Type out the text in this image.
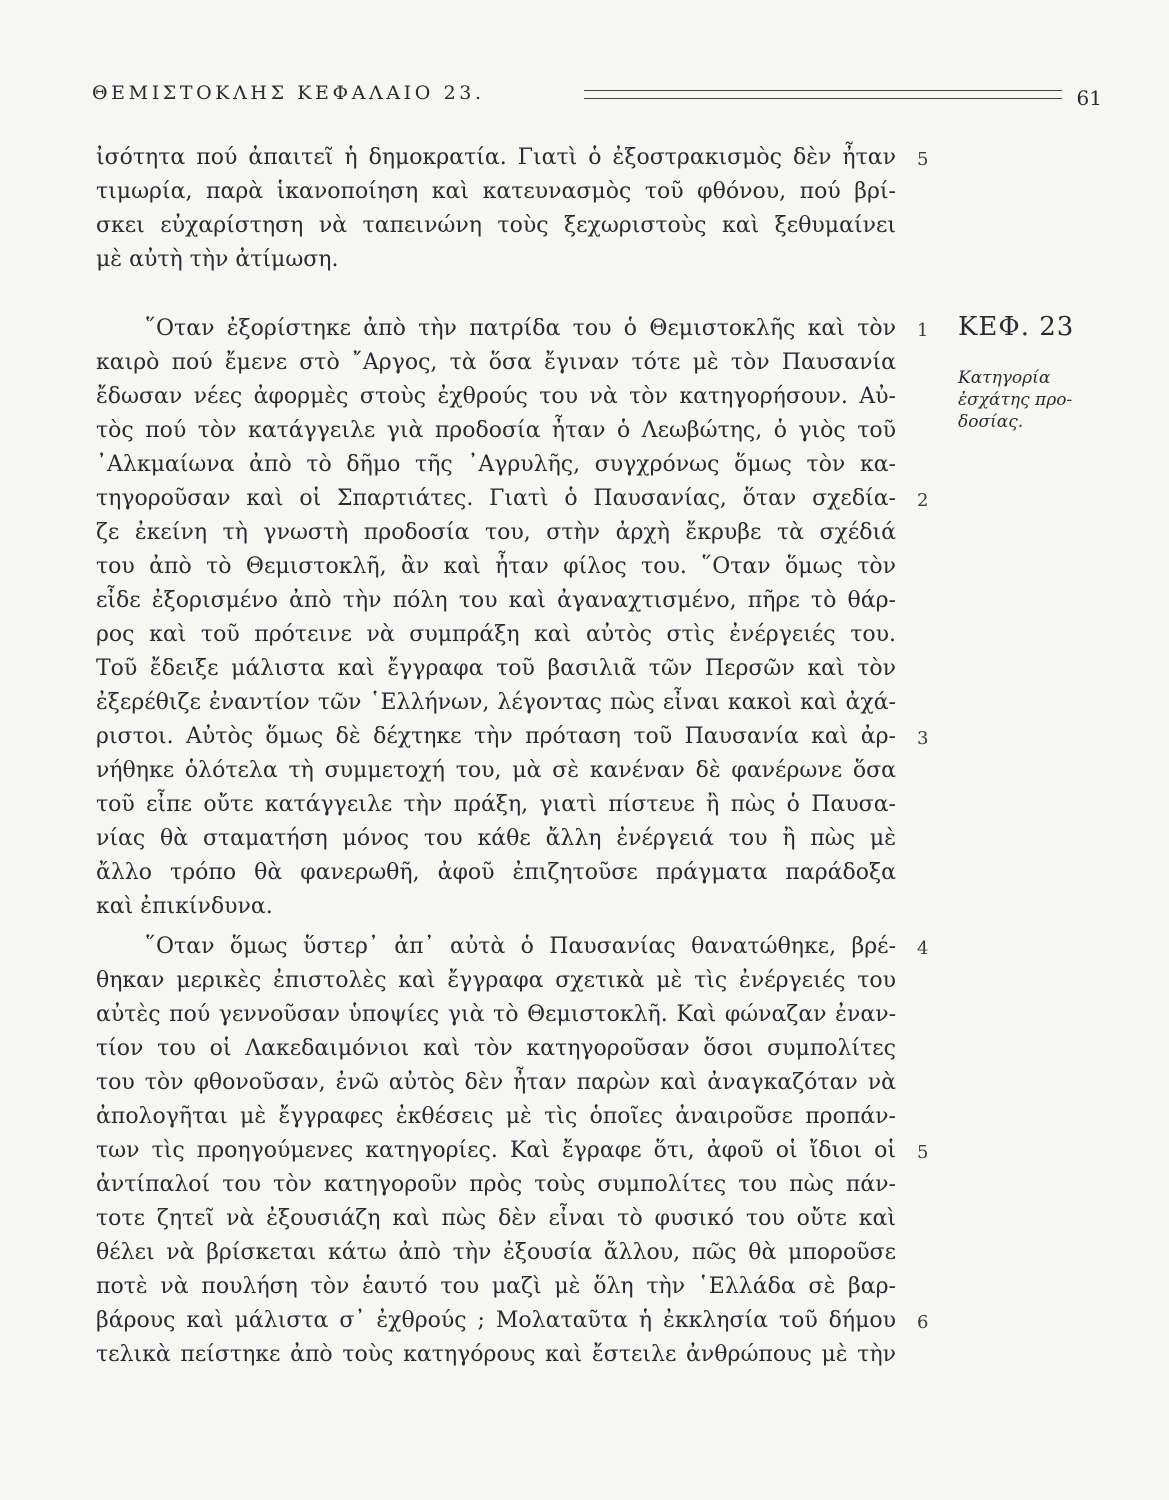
ΘΕΜΙΣΤΟΚΛΗΣ ΚΕΦΑΛΑΙΟ 23.	61
ἰσότητα πού ἀπαιτεῖ ἡ δημοκρατία. Γιατὶ ὁ ἐξοστρακισμὸς δὲν ἦταν
τιμωρία, παρὰ ἱκανοποίηση καὶ κατευνασμὸς τοῦ φθόνου, πού βρί-
σκει εὐχαρίστηση νὰ ταπεινώνη τοὺς ξεχωριστοὺς καὶ ξεθυμαίνει
μὲ αὐτὴ τὴν ἀτίμωση.
῞Οταν ἐξορίστηκε ἀπὸ τὴν πατρίδα του ὁ Θεμιστοκλῆς καὶ τὸν
καιρὸ πού ἔμενε στὸ ῎Αργος, τὰ ὅσα ἔγιναν τότε μὲ τὸν Παυσανία
ἔδωσαν νέες ἀφορμὲς στοὺς ἐχθρούς του νὰ τὸν κατηγορήσουν. Αὐ-
τὸς πού τὸν κατάγγειλε γιὰ προδοσία ἦταν ὁ Λεωβώτης, ὁ γιὸς τοῦ
᾿Αλκμαίωνα ἀπὸ τὸ δῆμο τῆς ᾿Αγρυλῆς, συγχρόνως ὅμως τὸν κα-
τηγοροῦσαν καὶ οἱ Σπαρτιάτες. Γιατὶ ὁ Παυσανίας, ὅταν σχεδία-
ζε ἐκείνη τὴ γνωστὴ προδοσία του, στὴν ἀρχὴ ἔκρυβε τὰ σχέδιά
του ἀπὸ τὸ Θεμιστοκλῆ, ἂν καὶ ἦταν φίλος του. ῞Οταν ὅμως τὸν
εἶδε ἐξορισμένο ἀπὸ τὴν πόλη του καὶ ἀγαναχτισμένο, πῆρε τὸ θάρ-
ρος καὶ τοῦ πρότεινε νὰ συμπράξη καὶ αὐτὸς στὶς ἐνέργειές του.
Τοῦ ἔδειξε μάλιστα καὶ ἔγγραφα τοῦ βασιλιᾶ τῶν Περσῶν καὶ τὸν
ἐξερέθιζε ἐναντίον τῶν ῾Ελλήνων, λέγοντας πὼς εἶναι κακοὶ καὶ ἀχά-
ριστοι. Αὐτὸς ὅμως δὲ δέχτηκε τὴν πρόταση τοῦ Παυσανία καὶ ἀρ-
νήθηκε ὁλότελα τὴ συμμετοχή του, μὰ σὲ κανέναν δὲ φανέρωνε ὅσα
τοῦ εἶπε οὔτε κατάγγειλε τὴν πράξη, γιατὶ πίστευε ἢ πὼς ὁ Παυσα-
νίας θὰ σταματήση μόνος του κάθε ἄλλη ἐνέργειά του ἢ πὼς μὲ
ἄλλο τρόπο θὰ φανερωθῆ, ἀφοῦ ἐπιζητοῦσε πράγματα παράδοξα
καὶ ἐπικίνδυνα.
῞Οταν ὅμως ὕστερ᾿ ἀπ᾿ αὐτὰ ὁ Παυσανίας θανατώθηκε, βρέ-
θηκαν μερικὲς ἐπιστολὲς καὶ ἔγγραφα σχετικὰ μὲ τὶς ἐνέργειές του
αὐτὲς πού γεννοῦσαν ὑποψίες γιὰ τὸ Θεμιστοκλῆ. Καὶ φώναζαν ἐναν-
τίον του οἱ Λακεδαιμόνιοι καὶ τὸν κατηγοροῦσαν ὅσοι συμπολίτες
του τὸν φθονοῦσαν, ἐνῶ αὐτὸς δὲν ἦταν παρὼν καὶ ἀναγκαζόταν νὰ
ἀπολογῆται μὲ ἔγγραφες ἐκθέσεις μὲ τὶς ὁποῖες ἀναιροῦσε προπάν-
των τὶς προηγούμενες κατηγορίες. Καὶ ἔγραφε ὅτι, ἀφοῦ οἱ ἴδιοι οἱ
ἀντίπαλοί του τὸν κατηγοροῦν πρὸς τοὺς συμπολίτες του πὼς πάν-
τοτε ζητεῖ νὰ ἐξουσιάζη καὶ πὼς δὲν εἶναι τὸ φυσικό του οὔτε καὶ
θέλει νὰ βρίσκεται κάτω ἀπὸ τὴν ἐξουσία ἄλλου, πῶς θὰ μποροῦσε
ποτὲ νὰ πουλήση τὸν ἑαυτό του μαζὶ μὲ ὅλη τὴν ῾Ελλάδα σὲ βαρ-
βάρους καὶ μάλιστα σ᾿ ἐχθρούς ; Μολαταῦτα ἡ ἐκκλησία τοῦ δήμου
τελικὰ πείστηκε ἀπὸ τοὺς κατηγόρους καὶ ἔστειλε ἀνθρώπους μὲ τὴν
5
1
2
3
4
5
6
ΚΕΦ. 23
Κατηγορία
ἐσχάτης προ-
δοσίας.
